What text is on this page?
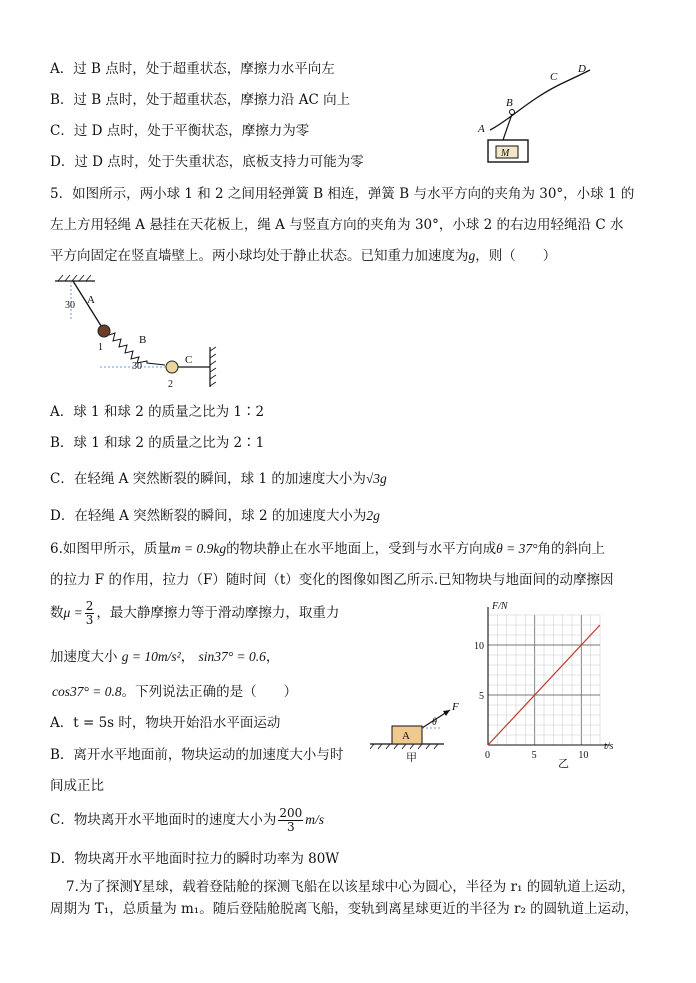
A．过 B 点时，处于超重状态，摩擦力水平向左
B．过 B 点时，处于超重状态，摩擦力沿 AC 向上
C．过 D 点时，处于平衡状态，摩擦力为零
D．过 D 点时，处于失重状态，底板支持力可能为零
A
B
C
D
M
5．如图所示，两小球 1 和 2 之间用轻弹簧 B 相连，弹簧 B 与水平方向的夹角为 30°，小球 1 的
左上方用轻绳 A 悬挂在天花板上，绳 A 与竖直方向的夹角为 30°，小球 2 的右边用轻绳沿 C 水
平方向固定在竖直墙壁上。两小球均处于静止状态。已知重力加速度为g，则（　　）
30 A
1
B
30
2
C
A．球 1 和球 2 的质量之比为 1∶2
B．球 1 和球 2 的质量之比为 2∶1
C．在轻绳 A 突然断裂的瞬间，球 1 的加速度大小为√3g
D．在轻绳 A 突然断裂的瞬间，球 2 的加速度大小为2g
6.如图甲所示，质量m = 0.9kg的物块静止在水平地面上，受到与水平方向成θ = 37°角的斜向上
的拉力 F 的作用，拉力（F）随时间（t）变化的图像如图乙所示.已知物块与地面间的动摩擦因
数$\mu = \frac{2}{3}$ ，最大静摩擦力等于滑动摩擦力，取重力
加速度大小 g = 10m/s²， sin37° = 0.6，
cos37° = 0.8。下列说法正确的是（　　）
A．t = 5s 时，物块开始沿水平面运动
B．离开水平地面前，物块运动的加速度大小与时
间成正比
C．物块离开水平地面时的速度大小为 $\frac{200}{3} m/s$
D．物块离开水平地面时拉力的瞬时功率为 80W
A
F
θ
甲	0	5	10
5
10
F/N
t/s
乙
7.为了探测Y星球，载着登陆舱的探测飞船在以该星球中心为圆心，半径为 r₁ 的圆轨道上运动，
周期为 T₁，总质量为 m₁。随后登陆舱脱离飞船，变轨到离星球更近的半径为 r₂ 的圆轨道上运动，
